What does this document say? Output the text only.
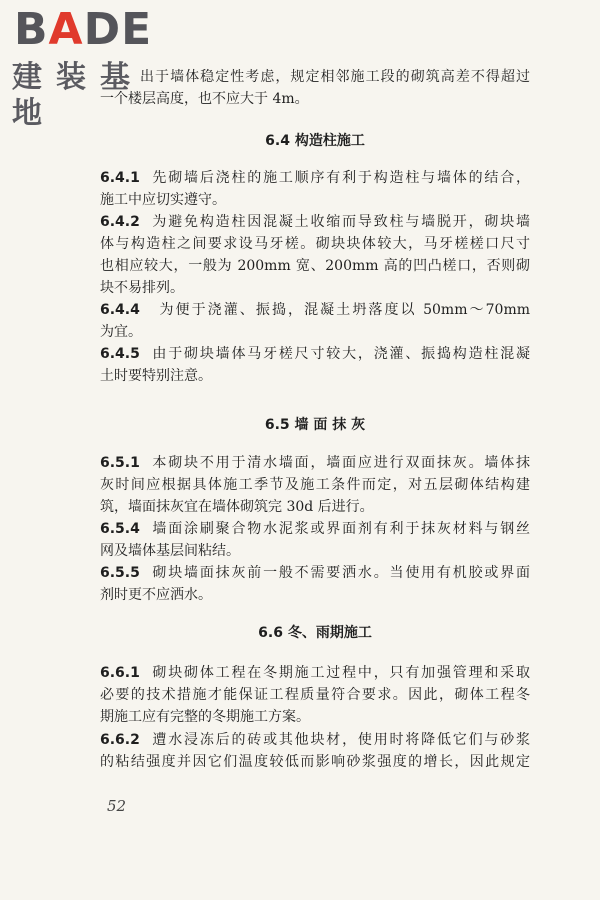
BADE
建装基地
出于墙体稳定性考虑，规定相邻施工段的砌筑高差不得超过
一个楼层高度，也不应大于 4m。
6.4 构造柱施工
6.4.1 先砌墙后浇柱的施工顺序有利于构造柱与墙体的结合，
施工中应切实遵守。
6.4.2 为避免构造柱因混凝土收缩而导致柱与墙脱开，砌块墙
体与构造柱之间要求设马牙槎。砌块块体较大，马牙槎槎口尺寸
也相应较大，一般为 200mm 宽、200mm 高的凹凸槎口，否则砌
块不易排列。
6.4.4 为便于浇灌、振捣，混凝土坍落度以 50mm～70mm
为宜。
6.4.5 由于砌块墙体马牙槎尺寸较大，浇灌、振捣构造柱混凝
土时要特别注意。
6.5 墙 面 抹 灰
6.5.1 本砌块不用于清水墙面，墙面应进行双面抹灰。墙体抹
灰时间应根据具体施工季节及施工条件而定，对五层砌体结构建
筑，墙面抹灰宜在墙体砌筑完 30d 后进行。
6.5.4 墙面涂刷聚合物水泥浆或界面剂有利于抹灰材料与钢丝
网及墙体基层间粘结。
6.5.5 砌块墙面抹灰前一般不需要洒水。当使用有机胶或界面
剂时更不应洒水。
6.6 冬、雨期施工
6.6.1 砌块砌体工程在冬期施工过程中，只有加强管理和采取
必要的技术措施才能保证工程质量符合要求。因此，砌体工程冬
期施工应有完整的冬期施工方案。
6.6.2 遭水浸冻后的砖或其他块材，使用时将降低它们与砂浆
的粘结强度并因它们温度较低而影响砂浆强度的增长，因此规定
52
